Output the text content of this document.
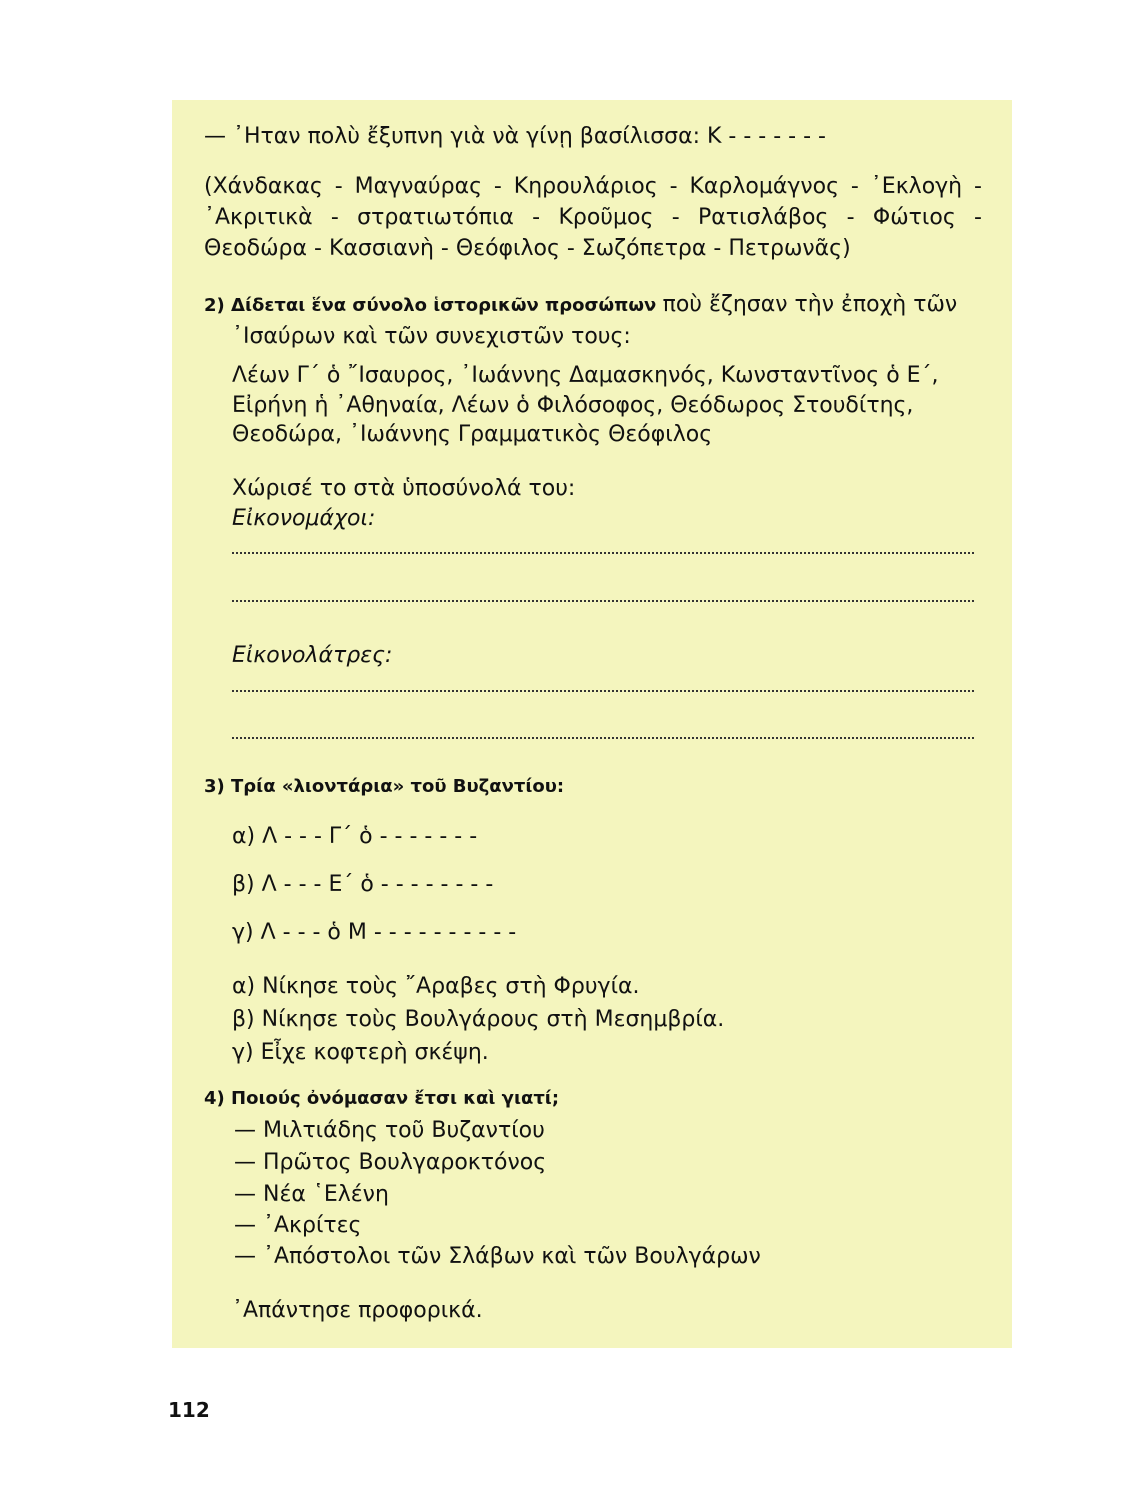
— ᾿Ηταν πολὺ ἔξυπνη γιὰ νὰ γίνῃ βασίλισσα: Κ - - - - - - -
(Χάνδακας - Μαγναύρας - Κηρουλάριος - Καρλομάγνος - ᾿Εκλογὴ -
᾿Ακριτικὰ - στρατιωτόπια - Κροῦμος - Ρατισλάβος - Φώτιος -
Θεοδώρα - Κασσιανὴ - Θεόφιλος - Σωζόπετρα - Πετρωνᾶς)
2) Δίδεται ἕνα σύνολο ἱστορικῶν προσώπων ποὺ ἔζησαν τὴν ἐποχὴ τῶν
᾿Ισαύρων καὶ τῶν συνεχιστῶν τους:
Λέων Γ΄ ὁ ῎Ισαυρος, ᾿Ιωάννης Δαμασκηνός, Κωνσταντῖνος ὁ Ε΄,
Εἰρήνη ἡ ᾿Αθηναία, Λέων ὁ Φιλόσοφος, Θεόδωρος Στουδίτης,
Θεοδώρα, ᾿Ιωάννης Γραμματικὸς Θεόφιλος
Χώρισέ το στὰ ὑποσύνολά του:
Εἰκονομάχοι:
Εἰκονολάτρες:
3) Τρία «λιοντάρια» τοῦ Βυζαντίου:
α) Λ - - - Γ΄ ὁ - - - - - - -
β) Λ - - - Ε΄ ὁ - - - - - - - -
γ) Λ - - - ὁ Μ - - - - - - - - - -
α) Νίκησε τοὺς ῎Αραβες στὴ Φρυγία.
β) Νίκησε τοὺς Βουλγάρους στὴ Μεσημβρία.
γ) Εἶχε κοφτερὴ σκέψη.
4) Ποιούς ὀνόμασαν ἔτσι καὶ γιατί;
— Μιλτιάδης τοῦ Βυζαντίου
— Πρῶτος Βουλγαροκτόνος
— Νέα ῾Ελένη
— ᾿Ακρίτες
— ᾿Απόστολοι τῶν Σλάβων καὶ τῶν Βουλγάρων
᾿Απάντησε προφορικά.
112
